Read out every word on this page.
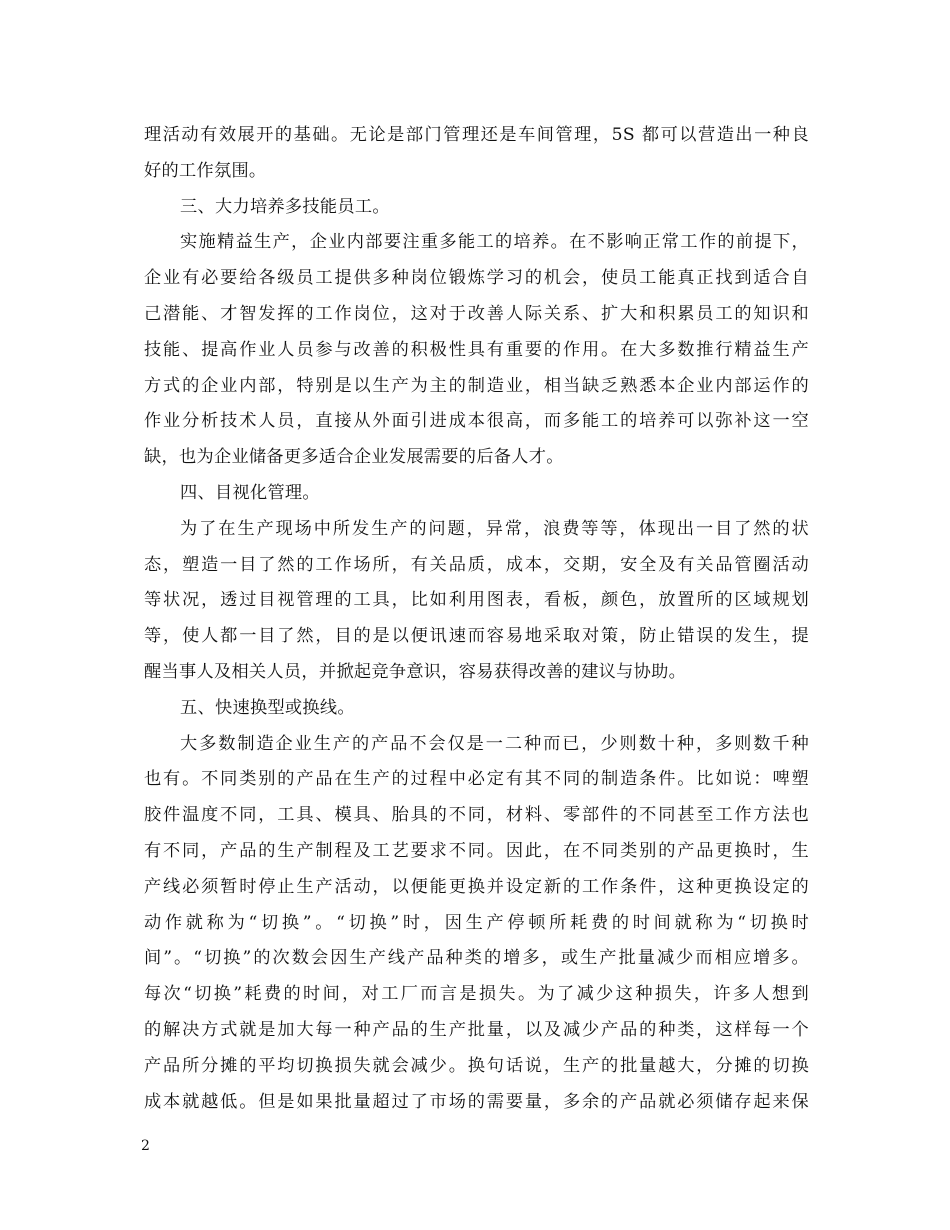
理活动有效展开的基础。无论是部门管理还是车间管理，5S 都可以营造出一种良
好的工作氛围。
三、大力培养多技能员工。
实施精益生产，企业内部要注重多能工的培养。在不影响正常工作的前提下，
企业有必要给各级员工提供多种岗位锻炼学习的机会，使员工能真正找到适合自
己潜能、才智发挥的工作岗位，这对于改善人际关系、扩大和积累员工的知识和
技能、提高作业人员参与改善的积极性具有重要的作用。在大多数推行精益生产
方式的企业内部，特别是以生产为主的制造业，相当缺乏熟悉本企业内部运作的
作业分析技术人员，直接从外面引进成本很高，而多能工的培养可以弥补这一空
缺，也为企业储备更多适合企业发展需要的后备人才。
四、目视化管理。
为了在生产现场中所发生产的问题，异常，浪费等等，体现出一目了然的状
态，塑造一目了然的工作场所，有关品质，成本，交期，安全及有关品管圈活动
等状况，透过目视管理的工具，比如利用图表，看板，颜色，放置所的区域规划
等，使人都一目了然，目的是以便讯速而容易地采取对策，防止错误的发生，提
醒当事人及相关人员，并掀起竞争意识，容易获得改善的建议与协助。
五、快速换型或换线。
大多数制造企业生产的产品不会仅是一二种而已，少则数十种，多则数千种
也有。不同类别的产品在生产的过程中必定有其不同的制造条件。比如说：啤塑
胶件温度不同，工具、模具、胎具的不同，材料、零部件的不同甚至工作方法也
有不同，产品的生产制程及工艺要求不同。因此，在不同类别的产品更换时，生
产线必须暂时停止生产活动，以便能更换并设定新的工作条件，这种更换设定的
动作就称为“切换”。“切换”时，因生产停顿所耗费的时间就称为“切换时
间”。“切换”的次数会因生产线产品种类的增多，或生产批量减少而相应增多。
每次“切换”耗费的时间，对工厂而言是损失。为了减少这种损失，许多人想到
的解决方式就是加大每一种产品的生产批量，以及减少产品的种类，这样每一个
产品所分摊的平均切换损失就会减少。换句话说，生产的批量越大，分摊的切换
成本就越低。但是如果批量超过了市场的需要量，多余的产品就必须储存起来保
2
